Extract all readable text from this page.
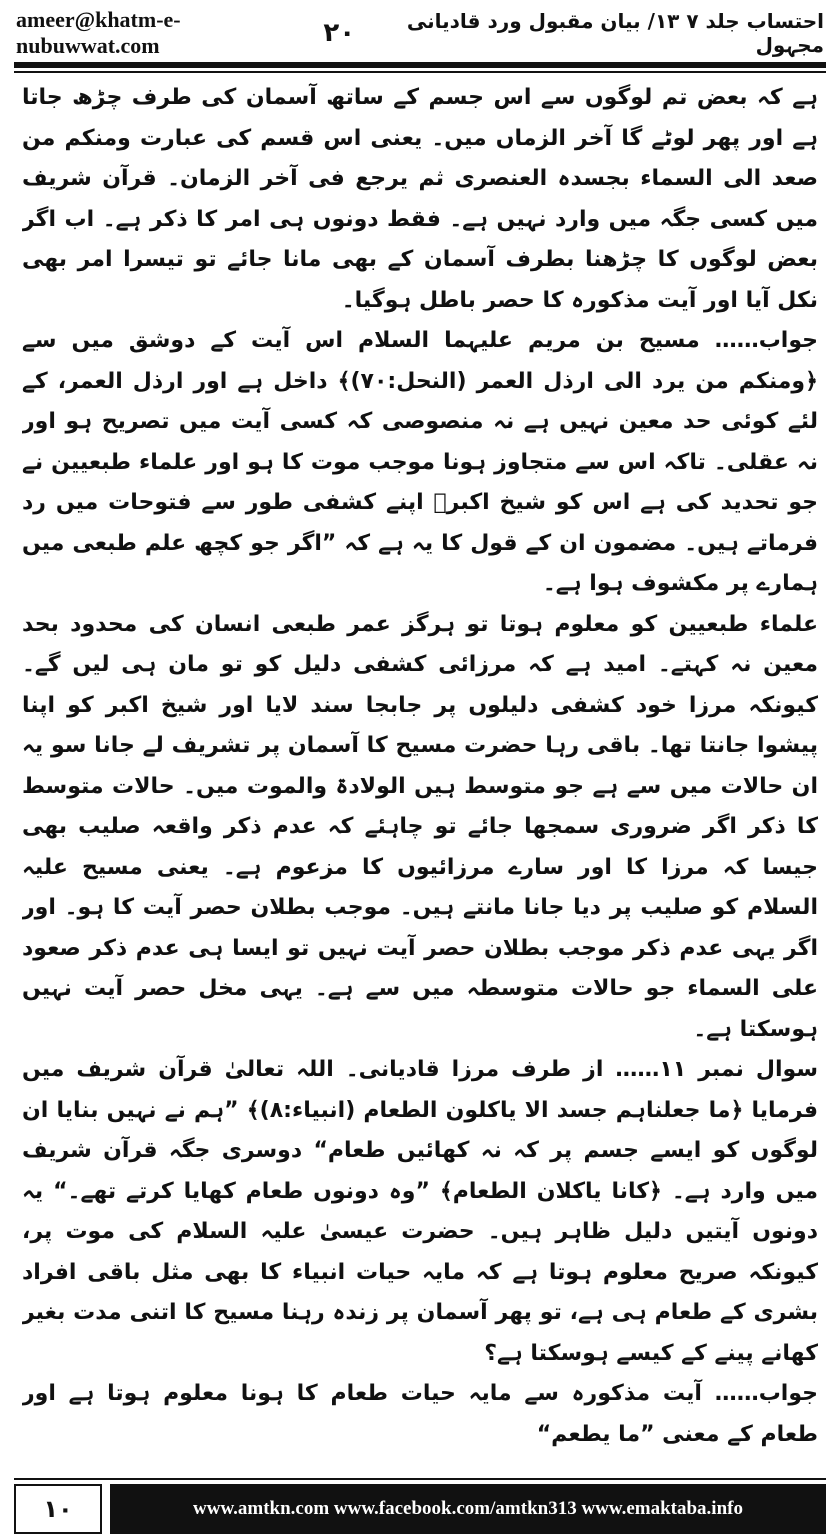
ameer@khatm-e-nubuwwat.com	۲۰	احتساب جلد ۷ ۱۳/ بیان مقبول ورد قادیانی مجہول

ہے کہ بعض تم لوگوں سے اس جسم کے ساتھ آسمان کی طرف چڑھ جاتا ہے اور پھر لوٹے گا آخر الزماں میں۔ یعنی اس قسم کی عبارت ومنکم من صعد الی السماء بجسدہ العنصری ثم یرجع فی آخر الزمان۔ قرآن شریف میں کسی جگہ میں وارد نہیں ہے۔ فقط دونوں ہی امر کا ذکر ہے۔ اب اگر بعض لوگوں کا چڑھنا بطرف آسمان کے بھی مانا جائے تو تیسرا امر بھی نکل آیا اور آیت مذکورہ کا حصر باطل ہوگیا۔

جواب…… مسیح بن مریم علیہما السلام اس آیت کے دوشق میں سے ﴿ومنکم من یرد الی ارذل العمر (النحل:۷۰)﴾ داخل ہے اور ارذل العمر، کے لئے کوئی حد معین نہیں ہے نہ منصوصی کہ کسی آیت میں تصریح ہو اور نہ عقلی۔ تاکہ اس سے متجاوز ہونا موجب موت کا ہو اور علماء طبعیین نے جو تحدید کی ہے اس کو شیخ اکبرؒ اپنے کشفی طور سے فتوحات میں رد فرماتے ہیں۔ مضمون ان کے قول کا یہ ہے کہ ”اگر جو کچھ علم طبعی میں ہمارے پر مکشوف ہوا ہے۔

علماء طبعیین کو معلوم ہوتا تو ہرگز عمر طبعی انسان کی محدود بحد معین نہ کہتے۔ امید ہے کہ مرزائی کشفی دلیل کو تو مان ہی لیں گے۔ کیونکہ مرزا خود کشفی دلیلوں پر جابجا سند لایا اور شیخ اکبر کو اپنا پیشوا جانتا تھا۔ باقی رہا حضرت مسیح کا آسمان پر تشریف لے جانا سو یہ ان حالات میں سے ہے جو متوسط ہیں الولادۃ والموت میں۔ حالات متوسط کا ذکر اگر ضروری سمجھا جائے تو چاہئے کہ عدم ذکر واقعہ صلیب بھی جیسا کہ مرزا کا اور سارے مرزائیوں کا مزعوم ہے۔ یعنی مسیح علیہ السلام کو صلیب پر دیا جانا مانتے ہیں۔ موجب بطلان حصر آیت کا ہو۔ اور اگر یہی عدم ذکر موجب بطلان حصر آیت نہیں تو ایسا ہی عدم ذکر صعود علی السماء جو حالات متوسطہ میں سے ہے۔ یہی مخل حصر آیت نہیں ہوسکتا ہے۔

سوال نمبر ۱۱…… از طرف مرزا قادیانی۔ اللہ تعالیٰ قرآن شریف میں فرمایا ﴿ما جعلناہم جسد الا یاکلون الطعام (انبیاء:۸)﴾ ”ہم نے نہیں بنایا ان لوگوں کو ایسے جسم پر کہ نہ کھائیں طعام“ دوسری جگہ قرآن شریف میں وارد ہے۔ ﴿کانا یاکلان الطعام﴾ ”وہ دونوں طعام کھایا کرتے تھے۔“ یہ دونوں آیتیں دلیل ظاہر ہیں۔ حضرت عیسیٰ علیہ السلام کی موت پر، کیونکہ صریح معلوم ہوتا ہے کہ مایہ حیات انبیاء کا بھی مثل باقی افراد بشری کے طعام ہی ہے، تو پھر آسمان پر زندہ رہنا مسیح کا اتنی مدت بغیر کھانے پینے کے کیسے ہوسکتا ہے؟

جواب…… آیت مذکورہ سے مایہ حیات طعام کا ہونا معلوم ہوتا ہے اور طعام کے معنی ”ما یطعم“

۱۰	www.amtkn.com www.facebook.com/amtkn313 www.emaktaba.info
